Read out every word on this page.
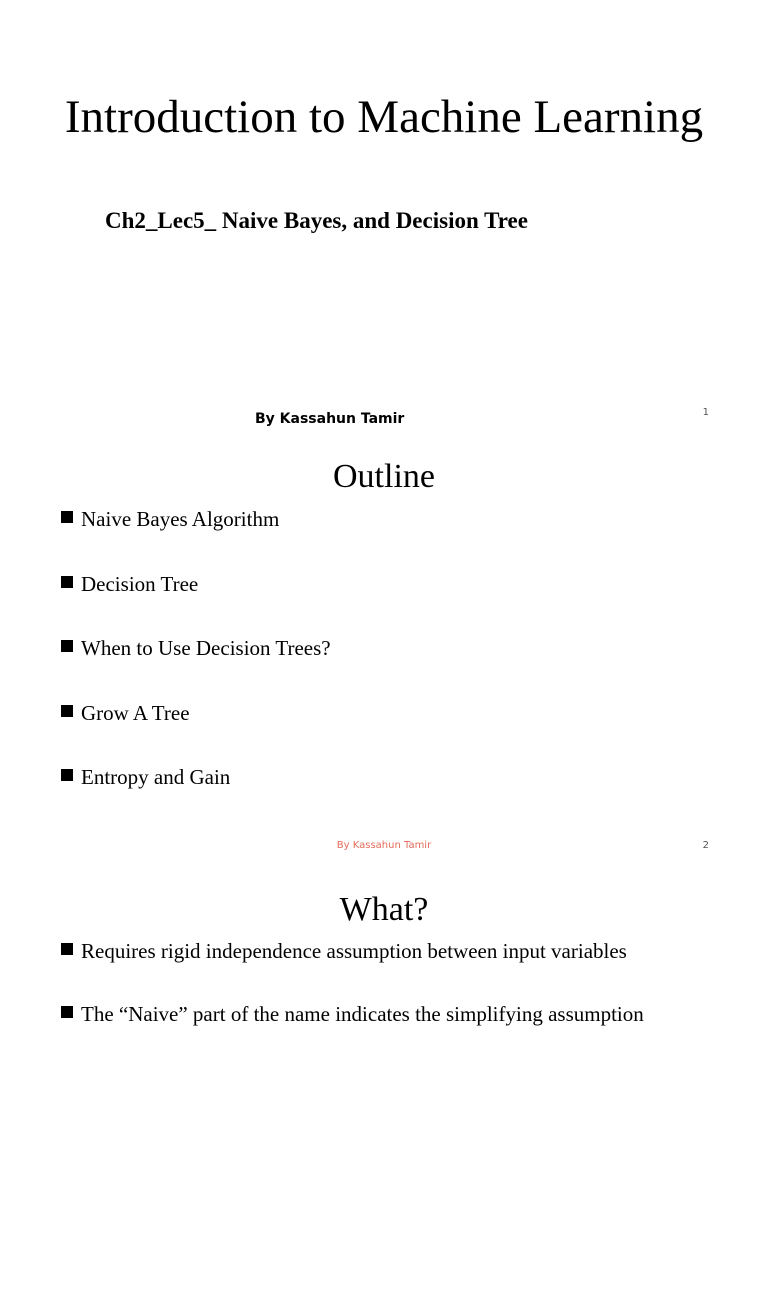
Introduction to Machine Learning
Ch2_Lec5_ Naive Bayes, and Decision Tree
By Kassahun Tamir	1
Outline
Naive Bayes Algorithm
Decision Tree
When to Use Decision Trees?
Grow A Tree
Entropy and Gain
By Kassahun Tamir	2
What?
Requires rigid independence assumption between input variables
The “Naive” part of the name indicates the simplifying assumption
